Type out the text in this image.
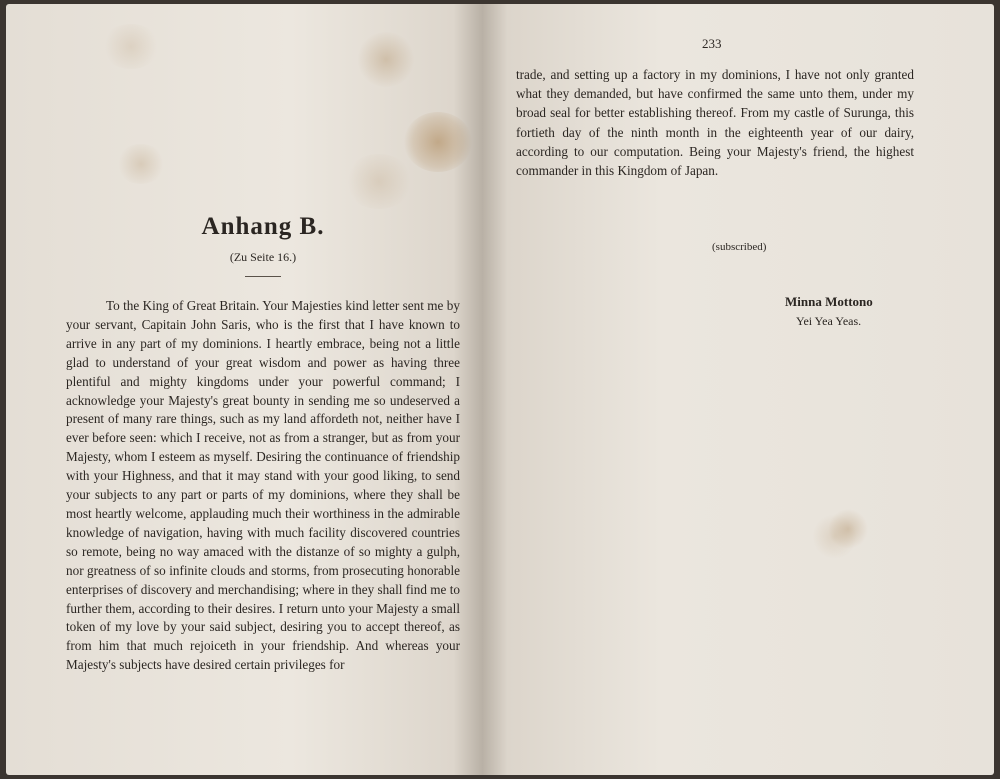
Anhang B.
(Zu Seite 16.)

To the King of Great Britain. Your Majesties kind letter sent me by your servant, Capitain John Saris, who is the first that I have known to arrive in any part of my dominions. I heartly embrace, being not a little glad to understand of your great wisdom and power as having three plentiful and mighty kingdoms under your powerful command; I acknowledge your Majesty's great bounty in sending me so undeserved a present of many rare things, such as my land affordeth not, neither have I ever before seen: which I receive, not as from a stranger, but as from your Majesty, whom I esteem as myself. Desiring the continuance of friendship with your Highness, and that it may stand with your good liking, to send your subjects to any part or parts of my dominions, where they shall be most heartly welcome, applauding much their worthiness in the admirable knowledge of navigation, having with much facility discovered countries so remote, being no way amaced with the distanze of so mighty a gulph, nor greatness of so infinite clouds and storms, from prosecuting honorable enterprises of discovery and merchandising; where in they shall find me to further them, according to their desires. I return unto your Majesty a small token of my love by your said subject, desiring you to accept thereof, as from him that much rejoiceth in your friendship. And whereas your Majesty's subjects have desired certain privileges for

233

trade, and setting up a factory in my dominions, I have not only granted what they demanded, but have confirmed the same unto them, under my broad seal for better establishing thereof. From my castle of Surunga, this fortieth day of the ninth month in the eighteenth year of our dairy, according to our computation. Being your Majesty's friend, the highest commander in this Kingdom of Japan.

(subscribed)
Minna Mottono
Yei Yea Yeas.
